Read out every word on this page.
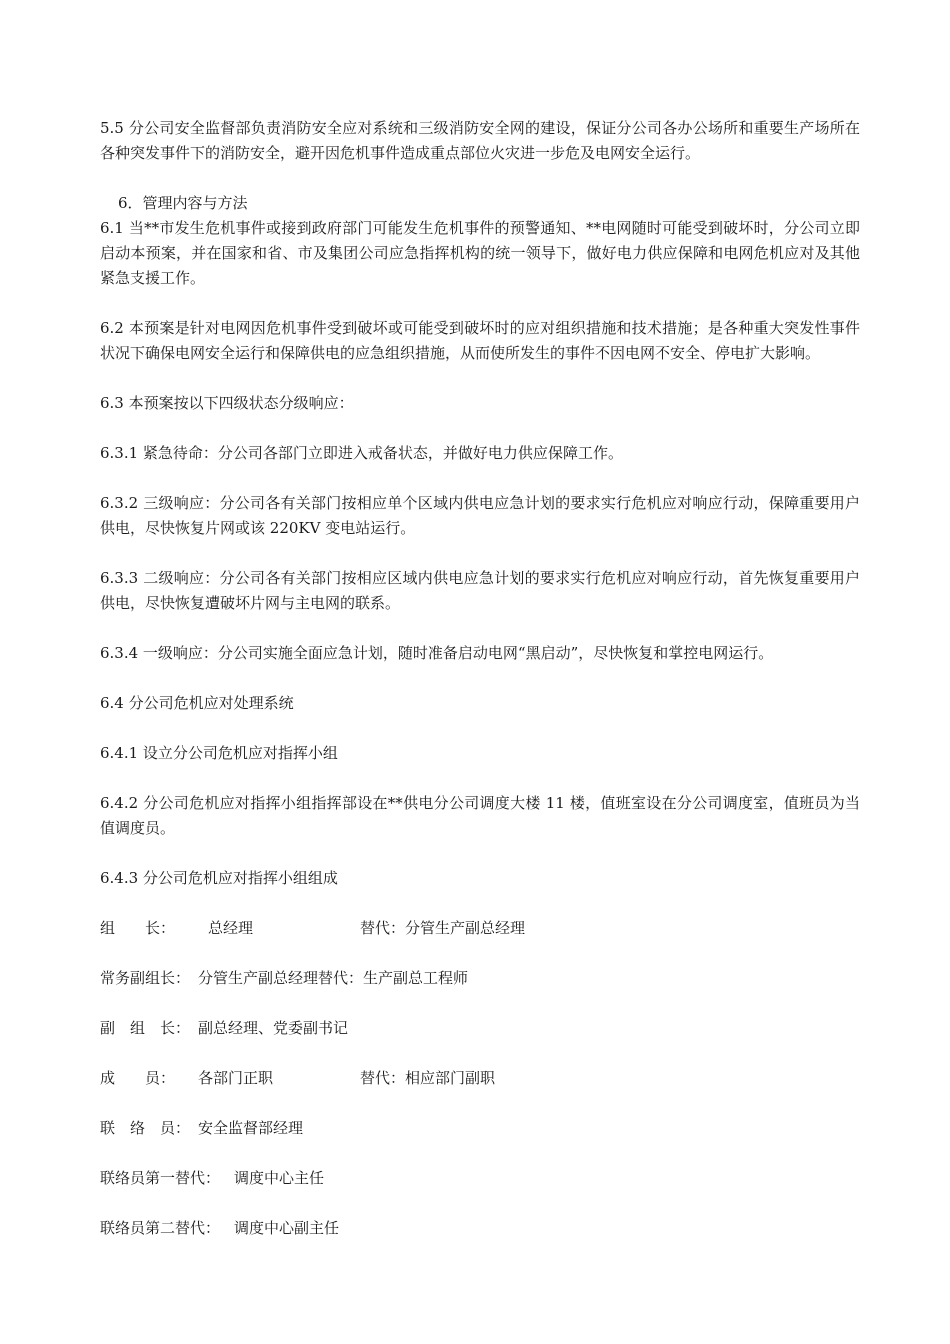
5.5 分公司安全监督部负责消防安全应对系统和三级消防安全网的建设，保证分公司各办公场所和重要生产场所在各种突发事件下的消防安全，避开因危机事件造成重点部位火灾进一步危及电网安全运行。

6．管理内容与方法

6.1 当**市发生危机事件或接到政府部门可能发生危机事件的预警通知、**电网随时可能受到破坏时，分公司立即启动本预案，并在国家和省、市及集团公司应急指挥机构的统一领导下，做好电力供应保障和电网危机应对及其他紧急支援工作。

6.2 本预案是针对电网因危机事件受到破坏或可能受到破坏时的应对组织措施和技术措施；是各种重大突发性事件状况下确保电网安全运行和保障供电的应急组织措施，从而使所发生的事件不因电网不安全、停电扩大影响。

6.3 本预案按以下四级状态分级响应：

6.3.1 紧急待命：分公司各部门立即进入戒备状态，并做好电力供应保障工作。

6.3.2 三级响应：分公司各有关部门按相应单个区域内供电应急计划的要求实行危机应对响应行动，保障重要用户供电，尽快恢复片网或该 220KV 变电站运行。

6.3.3 二级响应：分公司各有关部门按相应区域内供电应急计划的要求实行危机应对响应行动，首先恢复重要用户供电，尽快恢复遭破坏片网与主电网的联系。

6.3.4 一级响应：分公司实施全面应急计划，随时准备启动电网“黑启动”，尽快恢复和掌控电网运行。

6.4 分公司危机应对处理系统

6.4.1 设立分公司危机应对指挥小组

6.4.2 分公司危机应对指挥小组指挥部设在**供电分公司调度大楼 11 楼，值班室设在分公司调度室，值班员为当值调度员。

6.4.3 分公司危机应对指挥小组组成

组　　长： 总经理	替代：分管生产副总经理
常务副组长： 分管生产副总经理替代：生产副总工程师
副　组　长： 副总经理、党委副书记
成　　员： 各部门正职	替代：相应部门副职
联　络　员： 安全监督部经理
联络员第一替代： 调度中心主任
联络员第二替代： 调度中心副主任
